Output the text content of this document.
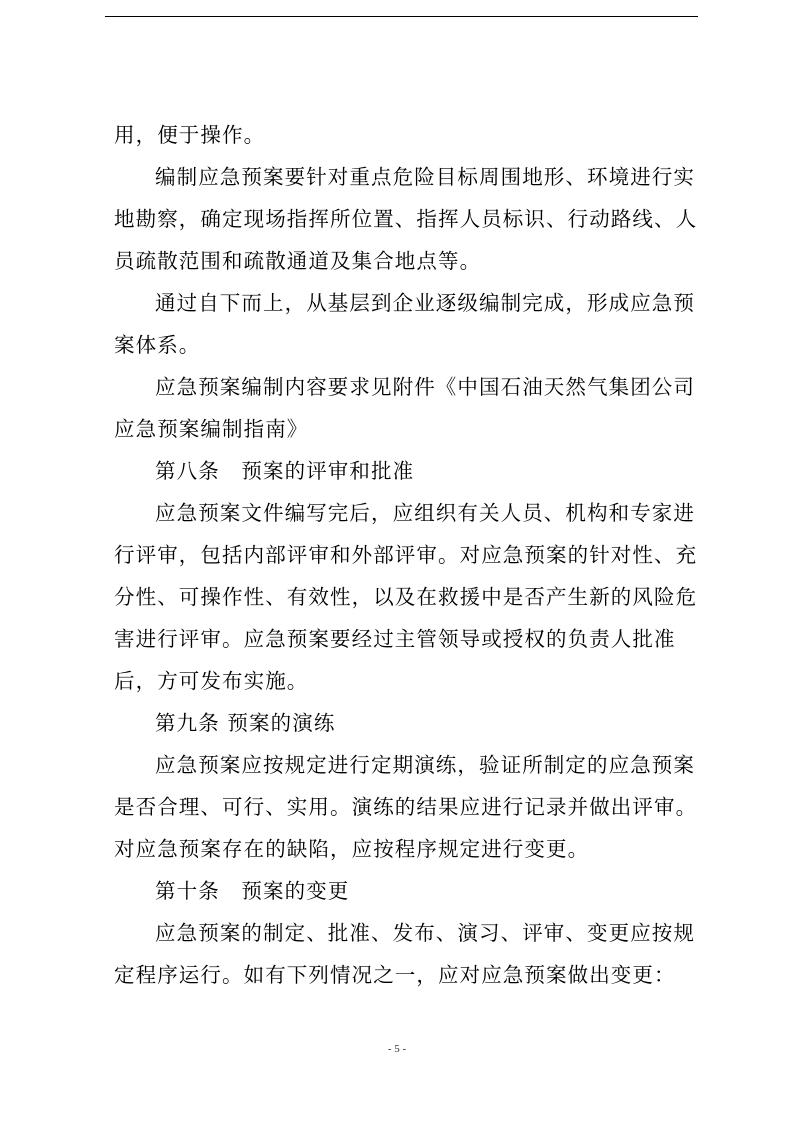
用，便于操作。
编制应急预案要针对重点危险目标周围地形、环境进行实
地勘察，确定现场指挥所位置、指挥人员标识、行动路线、人
员疏散范围和疏散通道及集合地点等。
通过自下而上，从基层到企业逐级编制完成，形成应急预
案体系。
应急预案编制内容要求见附件《中国石油天然气集团公司
应急预案编制指南》
第八条　预案的评审和批准
应急预案文件编写完后，应组织有关人员、机构和专家进
行评审，包括内部评审和外部评审。对应急预案的针对性、充
分性、可操作性、有效性，以及在救援中是否产生新的风险危
害进行评审。应急预案要经过主管领导或授权的负责人批准
后，方可发布实施。
第九条 预案的演练
应急预案应按规定进行定期演练，验证所制定的应急预案
是否合理、可行、实用。演练的结果应进行记录并做出评审。
对应急预案存在的缺陷，应按程序规定进行变更。
第十条　预案的变更
应急预案的制定、批准、发布、演习、评审、变更应按规
定程序运行。如有下列情况之一，应对应急预案做出变更：
- 5 -
